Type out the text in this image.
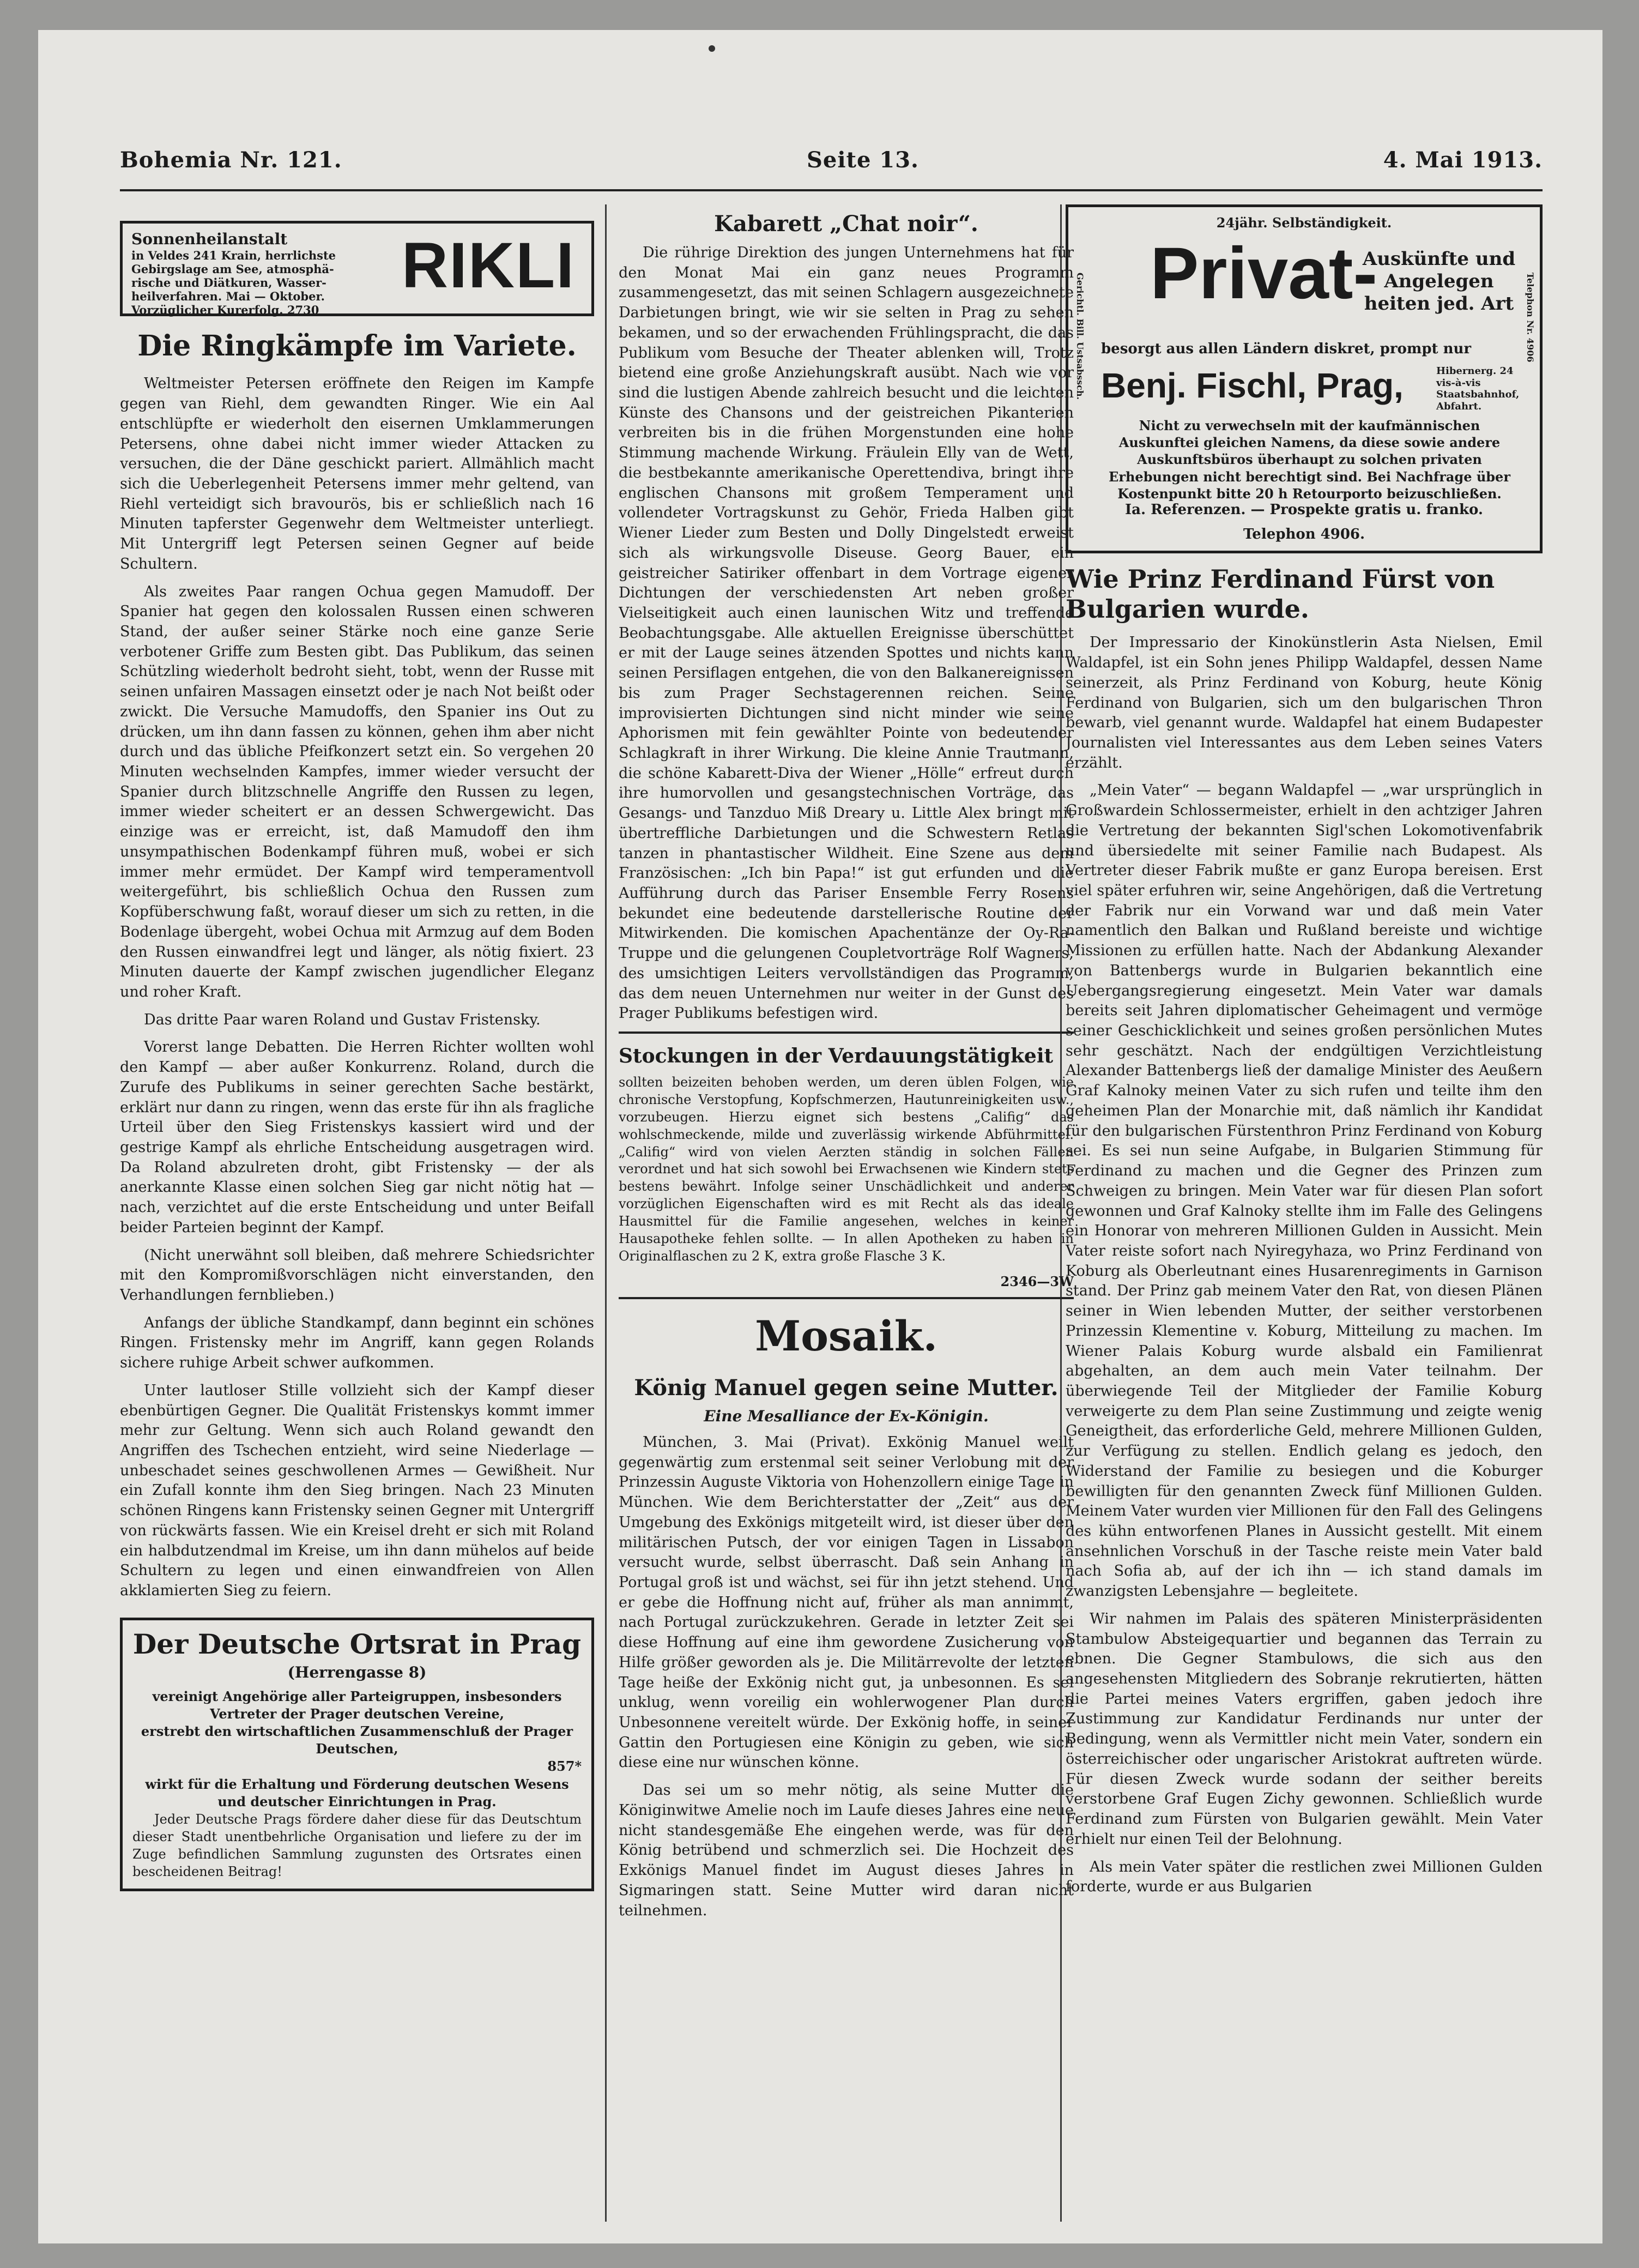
Bohemia Nr. 121.	Seite 13.	4. Mai 1913.
Sonnenheilanstalt
in Veldes 241 Krain, herrlichste
Gebirgslage am See, atmosphä-
rische und Diätkuren, Wasser-
heilverfahren. Mai — Oktober.
Vorzüglicher Kurerfolg. 2730
RIKLI
Die Ringkämpfe im Variete.

Weltmeister Petersen eröffnete den Reigen im Kampfe gegen van Riehl, dem gewandten Ringer. Wie ein Aal entschlüpfte er wiederholt den eisernen Umklammerungen Petersens, ohne dabei nicht immer wieder Attacken zu versuchen, die der Däne geschickt pariert. Allmählich macht sich die Ueberlegenheit Petersens immer mehr geltend, van Riehl verteidigt sich bravourös, bis er schließlich nach 16 Minuten tapferster Gegenwehr dem Weltmeister unterliegt. Mit Untergriff legt Petersen seinen Gegner auf beide Schultern.

Als zweites Paar rangen Ochua gegen Mamudoff. Der Spanier hat gegen den kolossalen Russen einen schweren Stand, der außer seiner Stärke noch eine ganze Serie verbotener Griffe zum Besten gibt. Das Publikum, das seinen Schützling wiederholt bedroht sieht, tobt, wenn der Russe mit seinen unfairen Massagen einsetzt oder je nach Not beißt oder zwickt. Die Versuche Mamudoffs, den Spanier ins Out zu drücken, um ihn dann fassen zu können, gehen ihm aber nicht durch und das übliche Pfeifkonzert setzt ein. So vergehen 20 Minuten wechselnden Kampfes, immer wieder versucht der Spanier durch blitzschnelle Angriffe den Russen zu legen, immer wieder scheitert er an dessen Schwergewicht. Das einzige was er erreicht, ist, daß Mamudoff den ihm unsympathischen Bodenkampf führen muß, wobei er sich immer mehr ermüdet. Der Kampf wird temperamentvoll weitergeführt, bis schließlich Ochua den Russen zum Kopfüberschwung faßt, worauf dieser um sich zu retten, in die Bodenlage übergeht, wobei Ochua mit Armzug auf dem Boden den Russen einwandfrei legt und länger, als nötig fixiert. 23 Minuten dauerte der Kampf zwischen jugendlicher Eleganz und roher Kraft.

Das dritte Paar waren Roland und Gustav Fristensky.

Vorerst lange Debatten. Die Herren Richter wollten wohl den Kampf — aber außer Konkurrenz. Roland, durch die Zurufe des Publikums in seiner gerechten Sache bestärkt, erklärt nur dann zu ringen, wenn das erste für ihn als fragliche Urteil über den Sieg Fristenskys kassiert wird und der gestrige Kampf als ehrliche Entscheidung ausgetragen wird. Da Roland abzulreten droht, gibt Fristensky — der als anerkannte Klasse einen solchen Sieg gar nicht nötig hat — nach, verzichtet auf die erste Entscheidung und unter Beifall beider Parteien beginnt der Kampf.

(Nicht unerwähnt soll bleiben, daß mehrere Schiedsrichter mit den Kompromißvorschlägen nicht einverstanden, den Verhandlungen fernblieben.)

Anfangs der übliche Standkampf, dann beginnt ein schönes Ringen. Fristensky mehr im Angriff, kann gegen Rolands sichere ruhige Arbeit schwer aufkommen.

Unter lautloser Stille vollzieht sich der Kampf dieser ebenbürtigen Gegner. Die Qualität Fristenskys kommt immer mehr zur Geltung. Wenn sich auch Roland gewandt den Angriffen des Tschechen entzieht, wird seine Niederlage — unbeschadet seines geschwollenen Armes — Gewißheit. Nur ein Zufall konnte ihm den Sieg bringen. Nach 23 Minuten schönen Ringens kann Fristensky seinen Gegner mit Untergriff von rückwärts fassen. Wie ein Kreisel dreht er sich mit Roland ein halbdutzendmal im Kreise, um ihn dann mühelos auf beide Schultern zu legen und einen einwandfreien von Allen akklamierten Sieg zu feiern.

Der Deutsche Ortsrat in Prag
(Herrengasse 8)
vereinigt Angehörige aller Parteigruppen, insbesonders Vertreter der Prager deutschen Vereine,
erstrebt den wirtschaftlichen Zusammenschluß der Prager Deutschen,
857*
wirkt für die Erhaltung und Förderung deutschen Wesens und deutscher Einrichtungen in Prag.
Jeder Deutsche Prags fördere daher diese für das Deutschtum dieser Stadt unentbehrliche Organisation und liefere zu der im Zuge befindlichen Sammlung zugunsten des Ortsrates einen bescheidenen Beitrag!
Kabarett „Chat noir“.

Die rührige Direktion des jungen Unternehmens hat für den Monat Mai ein ganz neues Programm zusammengesetzt, das mit seinen Schlagern ausgezeichnete Darbietungen bringt, wie wir sie selten in Prag zu sehen bekamen, und so der erwachenden Frühlingspracht, die das Publikum vom Besuche der Theater ablenken will, Trotz bietend eine große Anziehungskraft ausübt. Nach wie vor sind die lustigen Abende zahlreich besucht und die leichten Künste des Chansons und der geistreichen Pikanterien verbreiten bis in die frühen Morgenstunden eine hohe Stimmung machende Wirkung. Fräulein Elly van de Wett, die bestbekannte amerikanische Operettendiva, bringt ihre englischen Chansons mit großem Temperament und vollendeter Vortragskunst zu Gehör, Frieda Halben gibt Wiener Lieder zum Besten und Dolly Dingelstedt erweist sich als wirkungsvolle Diseuse. Georg Bauer, ein geistreicher Satiriker offenbart in dem Vortrage eigener Dichtungen der verschiedensten Art neben großer Vielseitigkeit auch einen launischen Witz und treffende Beobachtungsgabe. Alle aktuellen Ereignisse überschüttet er mit der Lauge seines ätzenden Spottes und nichts kann seinen Persiflagen entgehen, die von den Balkanereignissen bis zum Prager Sechstagerennen reichen. Seine improvisierten Dichtungen sind nicht minder wie seine Aphorismen mit fein gewählter Pointe von bedeutender Schlagkraft in ihrer Wirkung. Die kleine Annie Trautmann, die schöne Kabarett-Diva der Wiener „Hölle“ erfreut durch ihre humorvollen und gesangstechnischen Vorträge, das Gesangs- und Tanzduo Miß Dreary u. Little Alex bringt mit übertreffliche Darbietungen und die Schwestern Retlas tanzen in phantastischer Wildheit. Eine Szene aus dem Französischen: „Ich bin Papa!“ ist gut erfunden und die Aufführung durch das Pariser Ensemble Ferry Rosens bekundet eine bedeutende darstellerische Routine der Mitwirkenden. Die komischen Apachentänze der Oy-Ra-Truppe und die gelungenen Coupletvorträge Rolf Wagners, des umsichtigen Leiters vervollständigen das Programm, das dem neuen Unternehmen nur weiter in der Gunst des Prager Publikums befestigen wird.

Stockungen in der Verdauungstätigkeit

sollten beizeiten behoben werden, um deren üblen Folgen, wie chronische Verstopfung, Kopfschmerzen, Hautunreinigkeiten usw., vorzubeugen. Hierzu eignet sich bestens „Califig“ das wohlschmeckende, milde und zuverlässig wirkende Abführmittel. „Califig“ wird von vielen Aerzten ständig in solchen Fällen verordnet und hat sich sowohl bei Erwachsenen wie Kindern stets bestens bewährt. Infolge seiner Unschädlichkeit und anderer vorzüglichen Eigenschaften wird es mit Recht als das ideale Hausmittel für die Familie angesehen, welches in keiner Hausapotheke fehlen sollte. — In allen Apotheken zu haben in Originalflaschen zu 2 K, extra große Flasche 3 K.

2346—3W
Mosaik.
König Manuel gegen seine Mutter.
Eine Mesalliance der Ex-Königin.

München, 3. Mai (Privat). Exkönig Manuel weilt gegenwärtig zum erstenmal seit seiner Verlobung mit der Prinzessin Auguste Viktoria von Hohenzollern einige Tage in München. Wie dem Berichterstatter der „Zeit“ aus der Umgebung des Exkönigs mitgeteilt wird, ist dieser über den militärischen Putsch, der vor einigen Tagen in Lissabon versucht wurde, selbst überrascht. Daß sein Anhang in Portugal groß ist und wächst, sei für ihn jetzt stehend. Und er gebe die Hoffnung nicht auf, früher als man annimmt, nach Portugal zurückzukehren. Gerade in letzter Zeit sei diese Hoffnung auf eine ihm gewordene Zusicherung von Hilfe größer geworden als je. Die Militärrevolte der letzten Tage heiße der Exkönig nicht gut, ja unbesonnen. Es sei unklug, wenn voreilig ein wohlerwogener Plan durch Unbesonnene vereitelt würde. Der Exkönig hoffe, in seiner Gattin den Portugiesen eine Königin zu geben, wie sich diese eine nur wünschen könne.

Das sei um so mehr nötig, als seine Mutter die Königinwitwe Amelie noch im Laufe dieses Jahres eine neue nicht standesgemäße Ehe eingehen werde, was für den König betrübend und schmerzlich sei. Die Hochzeit des Exkönigs Manuel findet im August dieses Jahres in Sigmaringen statt. Seine Mutter wird daran nicht teilnehmen.

24jähr. Selbständigkeit.
Gerichtl. Bill. Ustsabssch. Privat-
Auskünfte und Angelegen heiten jed. Art
besorgt aus allen Ländern diskret, prompt nur
Benj. Fischl, Prag,	Hibernerg. 24 vis-à-vis Staatsbahnhof, Abfahrt.
Telephon Nr. 4906
Nicht zu verwechseln mit der kaufmännischen Auskunftei gleichen Namens, da diese sowie andere Auskunftsbüros überhaupt zu solchen privaten Erhebungen nicht berechtigt sind. Bei Nachfrage über Kostenpunkt bitte 20 h Retourporto beizuschließen.
Ia. Referenzen. — Prospekte gratis u. franko.
Telephon 4906.
Wie Prinz Ferdinand Fürst von Bulgarien wurde.

Der Impressario der Kinokünstlerin Asta Nielsen, Emil Waldapfel, ist ein Sohn jenes Philipp Waldapfel, dessen Name seinerzeit, als Prinz Ferdinand von Koburg, heute König Ferdinand von Bulgarien, sich um den bulgarischen Thron bewarb, viel genannt wurde. Waldapfel hat einem Budapester Journalisten viel Interessantes aus dem Leben seines Vaters erzählt.

„Mein Vater“ — begann Waldapfel — „war ursprünglich in Großwardein Schlossermeister, erhielt in den achtziger Jahren die Vertretung der bekannten Sigl'schen Lokomotivenfabrik und übersiedelte mit seiner Familie nach Budapest. Als Vertreter dieser Fabrik mußte er ganz Europa bereisen. Erst viel später erfuhren wir, seine Angehörigen, daß die Vertretung der Fabrik nur ein Vorwand war und daß mein Vater namentlich den Balkan und Rußland bereiste und wichtige Missionen zu erfüllen hatte. Nach der Abdankung Alexander von Battenbergs wurde in Bulgarien bekanntlich eine Uebergangsregierung eingesetzt. Mein Vater war damals bereits seit Jahren diplomatischer Geheimagent und vermöge seiner Geschicklichkeit und seines großen persönlichen Mutes sehr geschätzt. Nach der endgültigen Verzichtleistung Alexander Battenbergs ließ der damalige Minister des Aeußern Graf Kalnoky meinen Vater zu sich rufen und teilte ihm den geheimen Plan der Monarchie mit, daß nämlich ihr Kandidat für den bulgarischen Fürstenthron Prinz Ferdinand von Koburg sei. Es sei nun seine Aufgabe, in Bulgarien Stimmung für Ferdinand zu machen und die Gegner des Prinzen zum Schweigen zu bringen. Mein Vater war für diesen Plan sofort gewonnen und Graf Kalnoky stellte ihm im Falle des Gelingens ein Honorar von mehreren Millionen Gulden in Aussicht. Mein Vater reiste sofort nach Nyiregyhaza, wo Prinz Ferdinand von Koburg als Oberleutnant eines Husarenregiments in Garnison stand. Der Prinz gab meinem Vater den Rat, von diesen Plänen seiner in Wien lebenden Mutter, der seither verstorbenen Prinzessin Klementine v. Koburg, Mitteilung zu machen. Im Wiener Palais Koburg wurde alsbald ein Familienrat abgehalten, an dem auch mein Vater teilnahm. Der überwiegende Teil der Mitglieder der Familie Koburg verweigerte zu dem Plan seine Zustimmung und zeigte wenig Geneigtheit, das erforderliche Geld, mehrere Millionen Gulden, zur Verfügung zu stellen. Endlich gelang es jedoch, den Widerstand der Familie zu besiegen und die Koburger bewilligten für den genannten Zweck fünf Millionen Gulden. Meinem Vater wurden vier Millionen für den Fall des Gelingens des kühn entworfenen Planes in Aussicht gestellt. Mit einem ansehnlichen Vorschuß in der Tasche reiste mein Vater bald nach Sofia ab, auf der ich ihn — ich stand damals im zwanzigsten Lebensjahre — begleitete.

Wir nahmen im Palais des späteren Ministerpräsidenten Stambulow Absteigequartier und begannen das Terrain zu ebnen. Die Gegner Stambulows, die sich aus den angesehensten Mitgliedern des Sobranje rekrutierten, hätten die Partei meines Vaters ergriffen, gaben jedoch ihre Zustimmung zur Kandidatur Ferdinands nur unter der Bedingung, wenn als Vermittler nicht mein Vater, sondern ein österreichischer oder ungarischer Aristokrat auftreten würde. Für diesen Zweck wurde sodann der seither bereits verstorbene Graf Eugen Zichy gewonnen. Schließlich wurde Ferdinand zum Fürsten von Bulgarien gewählt. Mein Vater erhielt nur einen Teil der Belohnung.

Als mein Vater später die restlichen zwei Millionen Gulden forderte, wurde er aus Bulgarien
